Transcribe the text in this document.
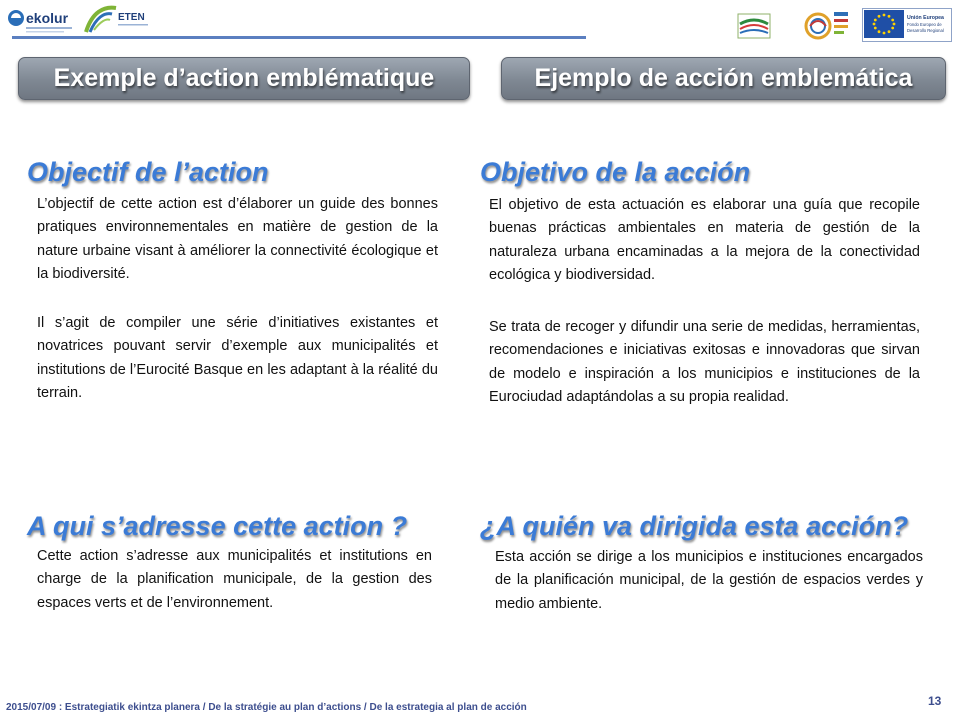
ekolur	ETEN	Unión Europea
Fondo Europeo de
Desarrollo Regional
Exemple d’action emblématique	Ejemplo de acción emblemática
Objectif de l’action

L’objectif de cette action est d’élaborer un guide des bonnes pratiques environnementales en matière de gestion de la nature urbaine visant à améliorer la connectivité écologique et la biodiversité.

Il s’agit de compiler une série d’initiatives existantes et novatrices pouvant servir d’exemple aux municipalités et institutions de l’Eurocité Basque en les adaptant à la réalité du terrain.

A qui s’adresse cette action ?

Cette action s’adresse aux municipalités et institutions en charge de la planification municipale, de la gestion des espaces verts et de l’environnement.

Objetivo de la acción

El objetivo de esta actuación es elaborar una guía que recopile buenas prácticas ambientales en materia de gestión de la naturaleza urbana encaminadas a la mejora de la conectividad ecológica y biodiversidad.

Se trata de recoger y difundir una serie de medidas, herramientas, recomendaciones e iniciativas exitosas e innovadoras que sirvan de modelo e inspiración a los municipios e instituciones de la Eurociudad adaptándolas a su propia realidad.

¿A quién va dirigida esta acción?

Esta acción se dirige a los municipios e instituciones encargados de la planificación municipal, de la gestión de espacios verdes y medio ambiente.

2015/07/09 : Estrategiatik ekintza planera / De la stratégie au plan d’actions / De la estrategia al plan de acción	13
